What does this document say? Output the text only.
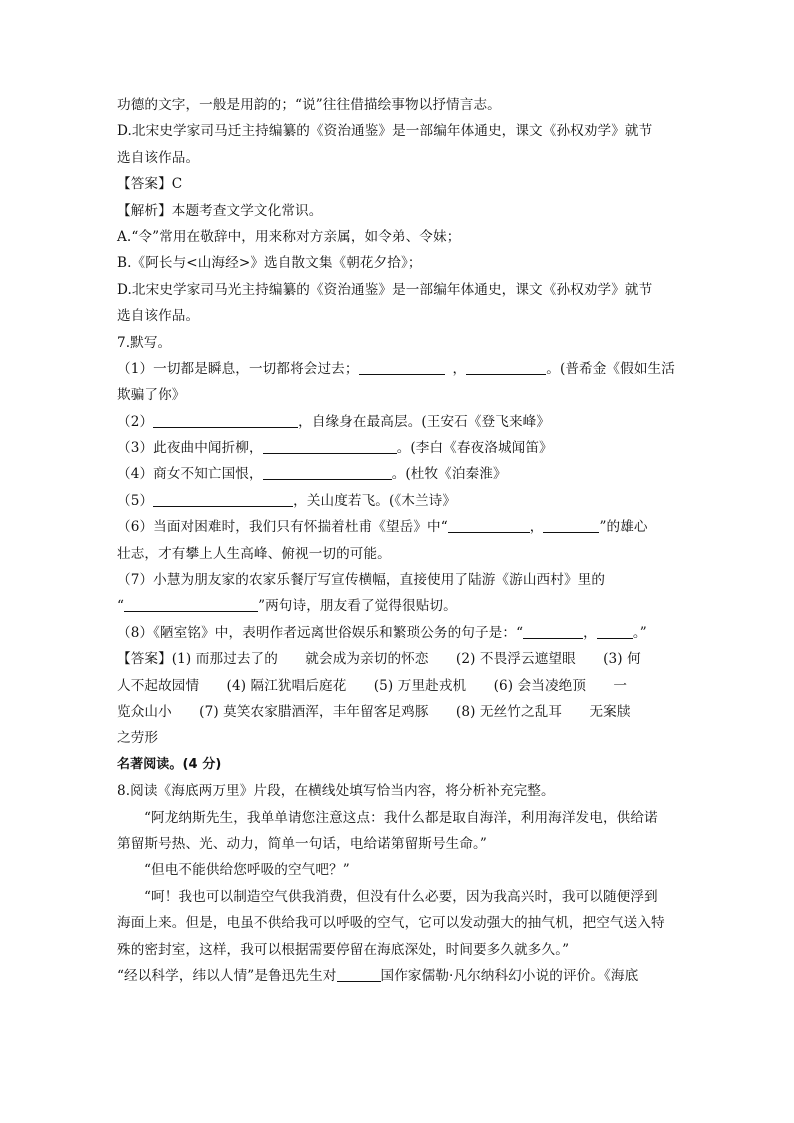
功德的文字，一般是用韵的；“说”往往借描绘事物以抒情言志。
D.北宋史学家司马迁主持编纂的《资治通鉴》是一部编年体通史，课文《孙权劝学》就节
选自该作品。
【答案】C
【解析】本题考查文学文化常识。
A.“令”常用在敬辞中，用来称对方亲属，如令弟、令妹；
B.《阿长与<山海经>》选自散文集《朝花夕拾》；
D.北宋史学家司马光主持编纂的《资治通鉴》是一部编年体通史，课文《孙权劝学》就节
选自该作品。
7.默写。
（1）一切都是瞬息，一切都将会过去；	，	。(普希金《假如生活
欺骗了你》
（2）	，自缘身在最高层。(王安石《登飞来峰》
（3）此夜曲中闻折柳，	。(李白《春夜洛城闻笛》
（4）商女不知亡国恨，	。(杜牧《泊秦淮》
（5）	，关山度若飞。(《木兰诗》
（6）当面对困难时，我们只有怀揣着杜甫《望岳》中“	，	”的雄心
壮志，才有攀上人生高峰、俯视一切的可能。
（7）小慧为朋友家的农家乐餐厅写宣传横幅，直接使用了陆游《游山西村》里的
“	”两句诗，朋友看了觉得很贴切。
（8）《陋室铭》中，表明作者远离世俗娱乐和繁琐公务的句子是：“	，	。”
【答案】(1) 而那过去了的　　就会成为亲切的怀恋　　(2) 不畏浮云遮望眼　　(3) 何
人不起故园情　　(4) 隔江犹唱后庭花　　(5) 万里赴戎机　　(6) 会当凌绝顶　　一
览众山小　　(7) 莫笑农家腊酒浑，丰年留客足鸡豚　　(8) 无丝竹之乱耳　　无案牍
之劳形
名著阅读。(4 分)
8.阅读《海底两万里》片段，在横线处填写恰当内容，将分析补充完整。
“阿龙纳斯先生，我单单请您注意这点：我什么都是取自海洋，利用海洋发电，供给诺
第留斯号热、光、动力，简单一句话，电给诺第留斯号生命。”
“但电不能供给您呼吸的空气吧？”
“呵！我也可以制造空气供我消费，但没有什么必要，因为我高兴时，我可以随便浮到
海面上来。但是，电虽不供给我可以呼吸的空气，它可以发动强大的抽气机，把空气送入特
殊的密封室，这样，我可以根据需要停留在海底深处，时间要多久就多久。”
“经以科学，纬以人情”是鲁迅先生对	国作家儒勒·凡尔纳科幻小说的评价。《海底
